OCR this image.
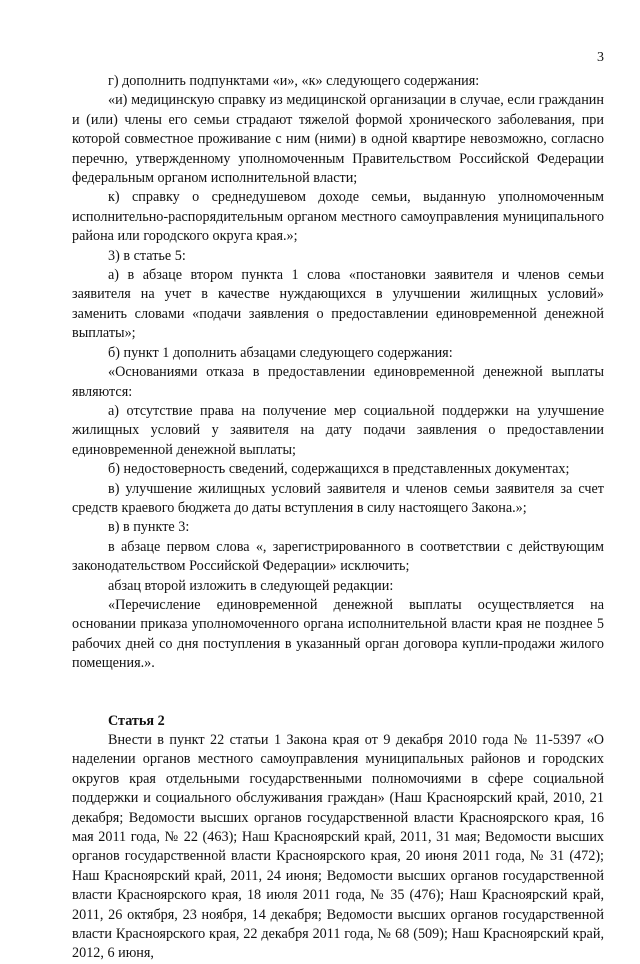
3

г) дополнить подпунктами «и», «к» следующего содержания:

«и) медицинскую справку из медицинской организации в случае, если гражданин и (или) члены его семьи страдают тяжелой формой хронического заболевания, при которой совместное проживание с ним (ними) в одной квартире невозможно, согласно перечню, утвержденному уполномоченным Правительством Российской Федерации федеральным органом исполнительной власти;

к) справку о среднедушевом доходе семьи, выданную уполномоченным исполнительно-распорядительным органом местного самоуправления муниципального района или городского округа края.»;

3) в статье 5:

а) в абзаце втором пункта 1 слова «постановки заявителя и членов семьи заявителя на учет в качестве нуждающихся в улучшении жилищных условий» заменить словами «подачи заявления о предоставлении единовременной денежной выплаты»;

б) пункт 1 дополнить абзацами следующего содержания:

«Основаниями отказа в предоставлении единовременной денежной выплаты являются:

а) отсутствие права на получение мер социальной поддержки на улучшение жилищных условий у заявителя на дату подачи заявления о предоставлении единовременной денежной выплаты;

б) недостоверность сведений, содержащихся в представленных документах;

в) улучшение жилищных условий заявителя и членов семьи заявителя за счет средств краевого бюджета до даты вступления в силу настоящего Закона.»;

в) в пункте 3:

в абзаце первом слова «, зарегистрированного в соответствии с действующим законодательством Российской Федерации» исключить;

абзац второй изложить в следующей редакции:

«Перечисление единовременной денежной выплаты осуществляется на основании приказа уполномоченного органа исполнительной власти края не позднее 5 рабочих дней со дня поступления в указанный орган договора купли-продажи жилого помещения.».

Статья 2

Внести в пункт 22 статьи 1 Закона края от 9 декабря 2010 года № 11-5397 «О наделении органов местного самоуправления муниципальных районов и городских округов края отдельными государственными полномочиями в сфере социальной поддержки и социального обслуживания граждан» (Наш Красноярский край, 2010, 21 декабря; Ведомости высших органов государственной власти Красноярского края, 16 мая 2011 года, № 22 (463); Наш Красноярский край, 2011, 31 мая; Ведомости высших органов государственной власти Красноярского края, 20 июня 2011 года, № 31 (472); Наш Красноярский край, 2011, 24 июня; Ведомости высших органов государственной власти Красноярского края, 18 июля 2011 года, № 35 (476); Наш Красноярский край, 2011, 26 октября, 23 ноября, 14 декабря; Ведомости высших органов государственной власти Красноярского края, 22 декабря 2011 года, № 68 (509); Наш Красноярский край, 2012, 6 июня,
